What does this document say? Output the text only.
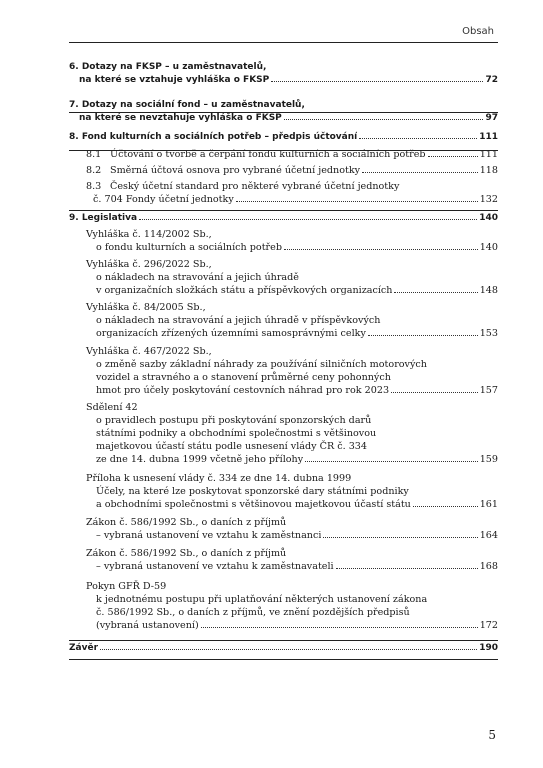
Obsah
6. Dotazy na FKSP – u zaměstnavatelů,
na které se vztahuje vyhláška o FKSP	72
7. Dotazy na sociální fond – u zaměstnavatelů,
na které se nevztahuje vyhláška o FKSP	97
8. Fond kulturních a sociálních potřeb – předpis účtování	111
8.1 Účtování o tvorbě a čerpání fondu kulturních a sociálních potřeb	111
8.2 Směrná účtová osnova pro vybrané účetní jednotky	118
8.3 Český účetní standard pro některé vybrané účetní jednotky
č. 704 Fondy účetní jednotky	132
9. Legislativa	140
Vyhláška č. 114/2002 Sb.,
o fondu kulturních a sociálních potřeb	140
Vyhláška č. 296/2022 Sb.,
o nákladech na stravování a jejich úhradě
v organizačních složkách státu a příspěvkových organizacích	148
Vyhláška č. 84/2005 Sb.,
o nákladech na stravování a jejich úhradě v příspěvkových
organizacích zřízených územními samosprávnými celky	153
Vyhláška č. 467/2022 Sb.,
o změně sazby základní náhrady za používání silničních motorových
vozidel a stravného a o stanovení průměrné ceny pohonných
hmot pro účely poskytování cestovních náhrad pro rok 2023	157
Sdělení 42
o pravidlech postupu při poskytování sponzorských darů
státními podniky a obchodními společnostmi s většinovou
majetkovou účastí státu podle usnesení vlády ČR č. 334
ze dne 14. dubna 1999 včetně jeho přílohy	159
Příloha k usnesení vlády č. 334 ze dne 14. dubna 1999
Účely, na které lze poskytovat sponzorské dary státními podniky
a obchodními společnostmi s většinovou majetkovou účastí státu	161
Zákon č. 586/1992 Sb., o daních z příjmů
– vybraná ustanovení ve vztahu k zaměstnanci	164
Zákon č. 586/1992 Sb., o daních z příjmů
– vybraná ustanovení ve vztahu k zaměstnavateli	168
Pokyn GFŘ D-59
k jednotnému postupu při uplatňování některých ustanovení zákona
č. 586/1992 Sb., o daních z příjmů, ve znění pozdějších předpisů
(vybraná ustanovení)	172
Závěr	190
5
